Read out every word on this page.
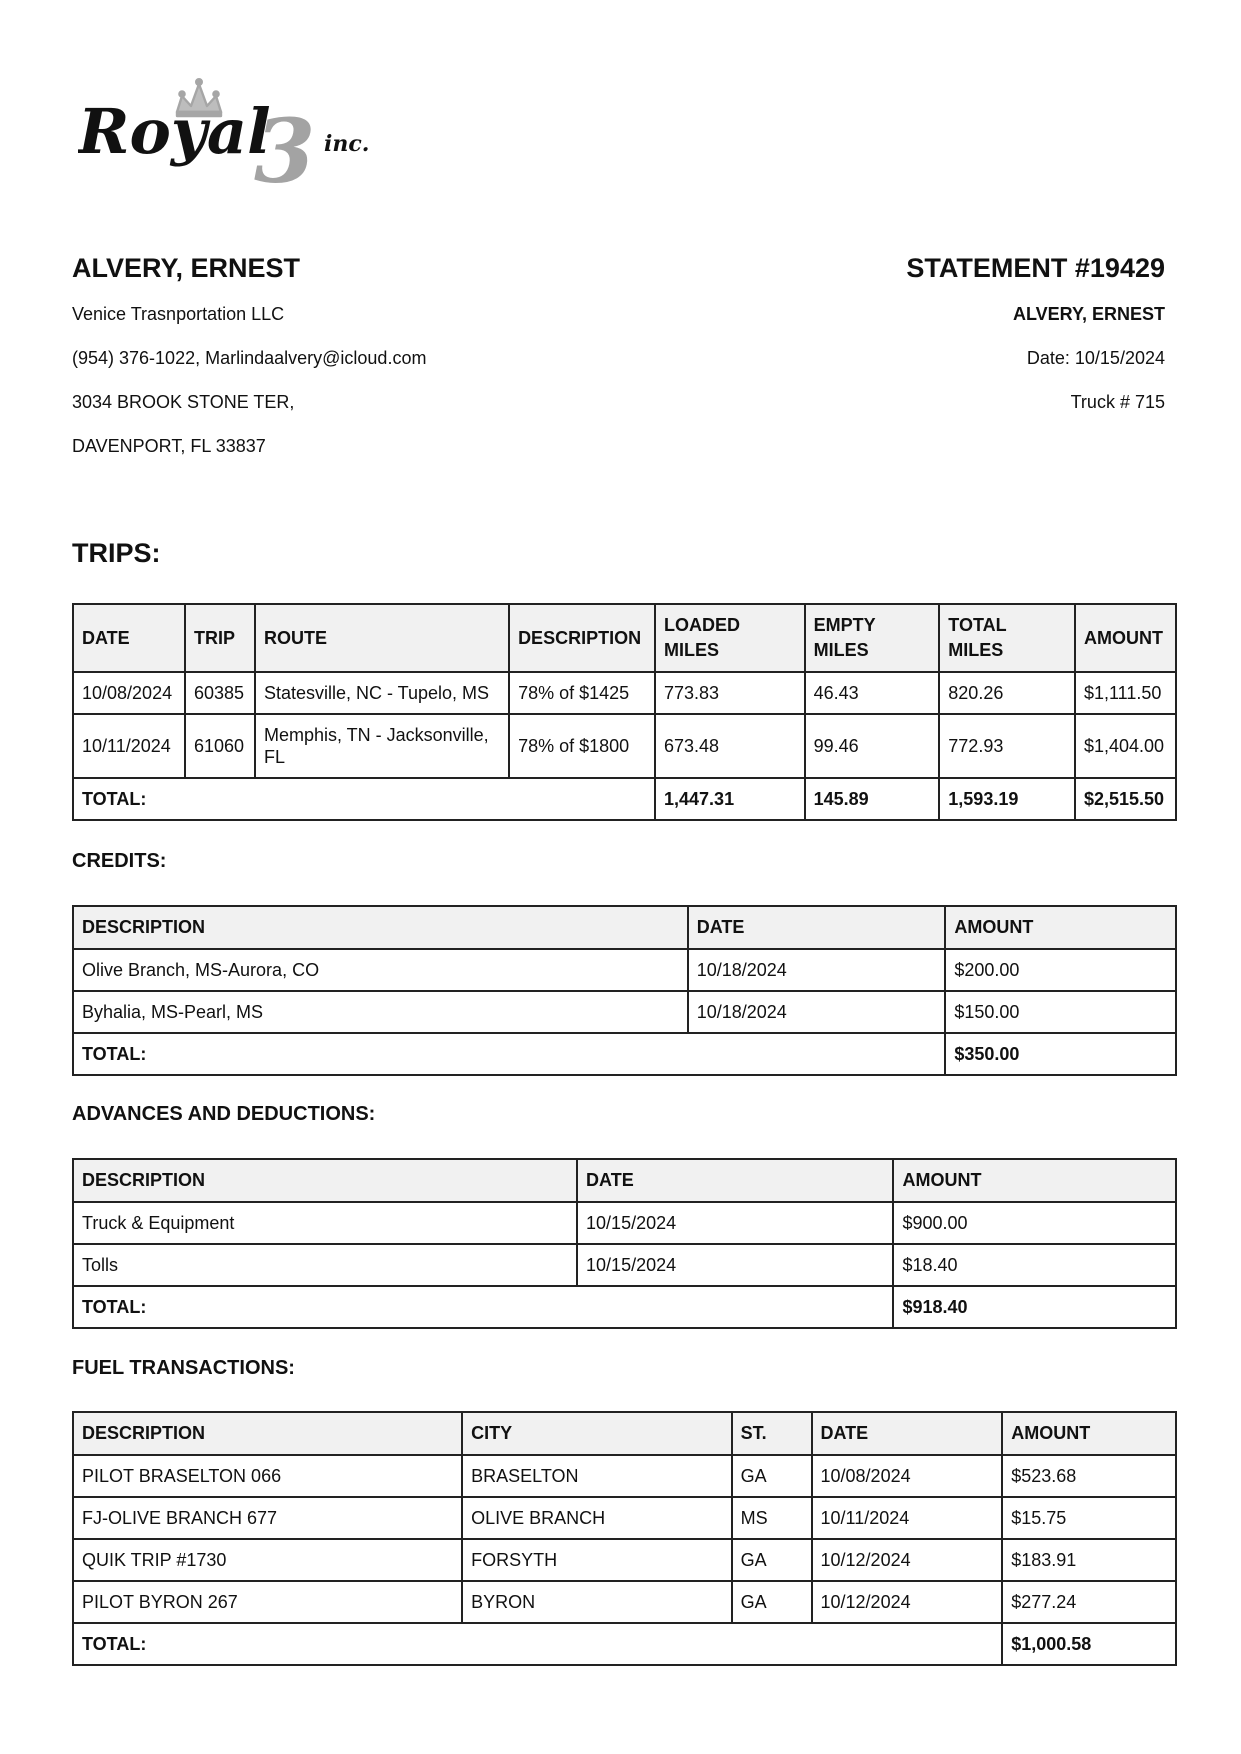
3
Royal inc.

ALVERY, ERNEST

Venice Trasnportation LLC

(954) 376-1022, Marlindaalvery@icloud.com

3034 BROOK STONE TER,

DAVENPORT, FL 33837

STATEMENT #19429

ALVERY, ERNEST

Date: 10/15/2024

Truck # 715

TRIPS:

DATE	TRIP	ROUTE	DESCRIPTION	LOADED MILES	EMPTY MILES	TOTAL MILES	AMOUNT
10/08/2024	60385	Statesville, NC - Tupelo, MS	78% of $1425	773.83	46.43	820.26	$1,111.50
10/11/2024	61060	Memphis, TN - Jacksonville, FL	78% of $1800	673.48	99.46	772.93	$1,404.00
TOTAL:				1,447.31	145.89	1,593.19	$2,515.50

CREDITS:

DESCRIPTION	DATE	AMOUNT
Olive Branch, MS-Aurora, CO	10/18/2024	$200.00
Byhalia, MS-Pearl, MS	10/18/2024	$150.00
TOTAL:		$350.00

ADVANCES AND DEDUCTIONS:

DESCRIPTION	DATE	AMOUNT
Truck & Equipment	10/15/2024	$900.00
Tolls	10/15/2024	$18.40
TOTAL:		$918.40

FUEL TRANSACTIONS:

DESCRIPTION	CITY	ST.	DATE	AMOUNT
PILOT BRASELTON 066	BRASELTON	GA	10/08/2024	$523.68
FJ-OLIVE BRANCH 677	OLIVE BRANCH	MS	10/11/2024	$15.75
QUIK TRIP #1730	FORSYTH	GA	10/12/2024	$183.91
PILOT BYRON 267	BYRON	GA	10/12/2024	$277.24
TOTAL:				$1,000.58
